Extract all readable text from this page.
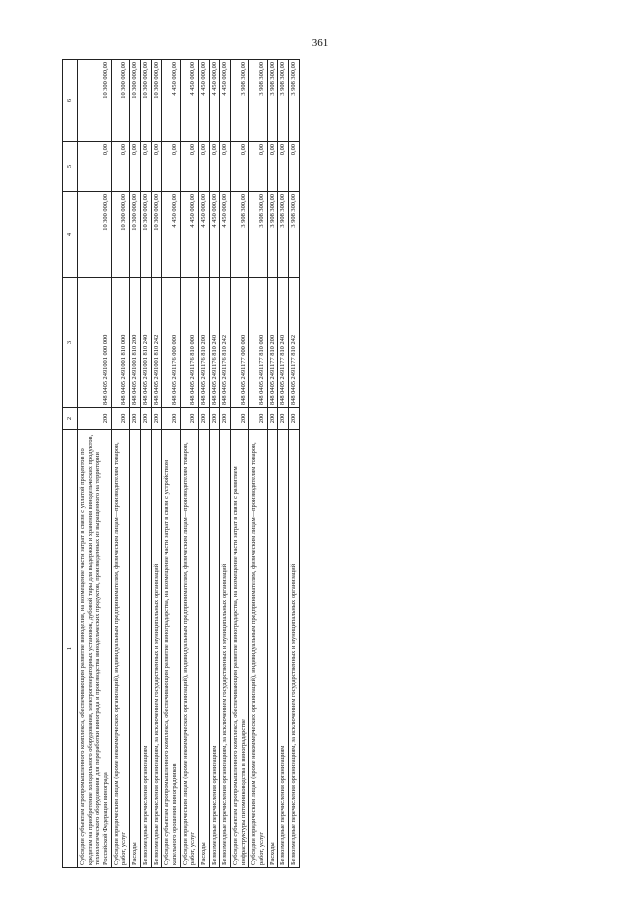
361
1	2	3	4	5	6
Субсидии субъектам агропромышленного комплекса, обеспечивающим развитие виноделия, на возмещение части затрат в связи с уплатой процентов по кредитам на приобретение холодильного оборудования, электрогенераторных установок, дубовой тары для выдержки и хранения винодельческих продуктов, технологического оборудования для переработки винограда и производства винодельческих продуктов, произведенных из выращенного на территории Российской Федерации винограда	200	848 0405 2491001 000 000	10 300 000,00	0,00	10 300 000,00
Субсидии юридическим лицам (кроме некоммерческих организаций), индивидуальным предпринимателям, физическим лицам—производителям товаров, работ, услуг	200	848 0405 2491001 810 000	10 300 000,00	0,00	10 300 000,00
Расходы	200	848 0405 2491001 810 200	10 300 000,00	0,00	10 300 000,00
Безвозмездные перечисления организациям	200	848 0405 2491001 810 240	10 300 000,00	0,00	10 300 000,00
Безвозмездные перечисления организациям, за исключением государственных и муниципальных организаций	200	848 0405 2491001 810 242	10 300 000,00	0,00	10 300 000,00
Субсидии субъектам агропромышленного комплекса, обеспечивающим развитие виноградарства, на возмещение части затрат в связи с устройством капельного орошения виноградников	200	848 0405 2491176 000 000	4 450 000,00	0,00	4 450 000,00
Субсидии юридическим лицам (кроме некоммерческих организаций), индивидуальным предпринимателям, физическим лицам—производителям товаров, работ, услуг	200	848 0405 2491176 810 000	4 450 000,00	0,00	4 450 000,00
Расходы	200	848 0405 2491176 810 200	4 450 000,00	0,00	4 450 000,00
Безвозмездные перечисления организациям	200	848 0405 2491176 810 240	4 450 000,00	0,00	4 450 000,00
Безвозмездные перечисления организациям, за исключением государственных и муниципальных организаций	200	848 0405 2491176 810 242	4 450 000,00	0,00	4 450 000,00
Субсидии субъектам агропромышленного комплекса, обеспечивающим развитие виноградарства, на возмещение части затрат в связи с развитием инфраструктуры питомниководства в виноградарстве	200	848 0405 2491177 000 000	3 908 300,00	0,00	3 908 300,00
Субсидии юридическим лицам (кроме некоммерческих организаций), индивидуальным предпринимателям, физическим лицам—производителям товаров, работ, услуг	200	848 0405 2491177 810 000	3 908 300,00	0,00	3 908 300,00
Расходы	200	848 0405 2491177 810 200	3 908 300,00	0,00	3 908 300,00
Безвозмездные перечисления организациям	200	848 0405 2491177 810 240	3 908 300,00	0,00	3 908 300,00
Безвозмездные перечисления организациям, за исключением государственных и муниципальных организаций	200	848 0405 2491177 810 242	3 908 300,00	0,00	3 908 300,00
